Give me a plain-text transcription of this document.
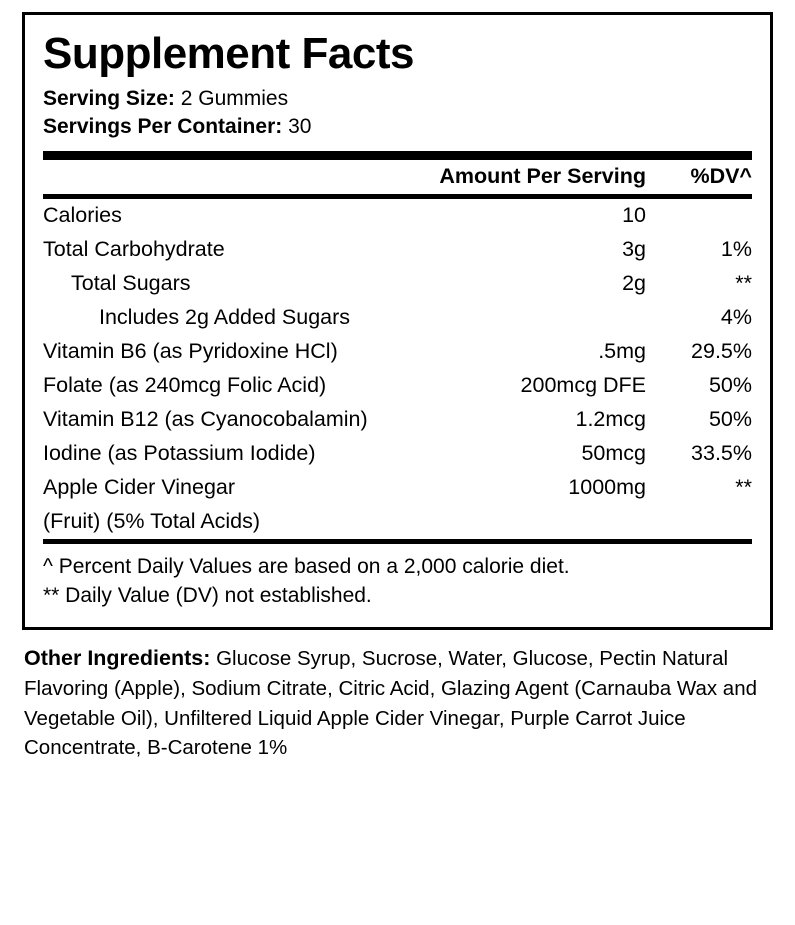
Supplement Facts
Serving Size: 2 Gummies
Servings Per Container: 30
	Amount Per Serving	%DV^
Calories	10	
Total Carbohydrate	3g	1%
Total Sugars	2g	**
Includes 2g Added Sugars		4%
Vitamin B6 (as Pyridoxine HCl)	.5mg	29.5%
Folate (as 240mcg Folic Acid)	200mcg DFE	50%
Vitamin B12 (as Cyanocobalamin)	1.2mcg	50%
Iodine (as Potassium Iodide)	50mcg	33.5%
Apple Cider Vinegar	1000mg	**
(Fruit) (5% Total Acids)		
^ Percent Daily Values are based on a 2,000 calorie diet.
** Daily Value (DV) not established.
Other Ingredients: Glucose Syrup, Sucrose, Water, Glucose, Pectin Natural Flavoring (Apple), Sodium Citrate, Citric Acid, Glazing Agent (Carnauba Wax and Vegetable Oil), Unfiltered Liquid Apple Cider Vinegar, Purple Carrot Juice Concentrate, B-Carotene 1%
